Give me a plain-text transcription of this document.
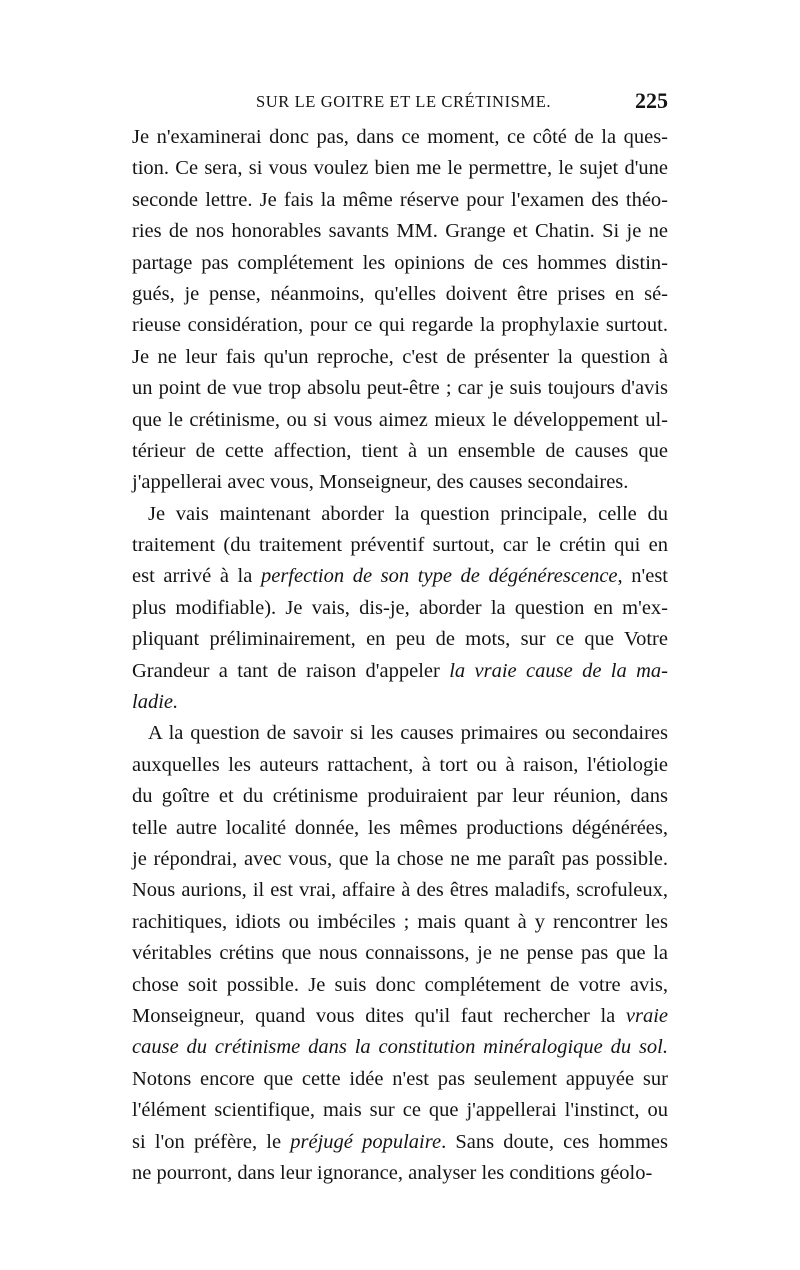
SUR LE GOITRE ET LE CRÉTINISME.	225
Je n'examinerai donc pas, dans ce moment, ce côté de la ques-
tion. Ce sera, si vous voulez bien me le permettre, le sujet d'une
seconde lettre. Je fais la même réserve pour l'examen des théo-
ries de nos honorables savants MM. Grange et Chatin. Si je ne
partage pas complétement les opinions de ces hommes distin-
gués, je pense, néanmoins, qu'elles doivent être prises en sé-
rieuse considération, pour ce qui regarde la prophylaxie surtout.
Je ne leur fais qu'un reproche, c'est de présenter la question à
un point de vue trop absolu peut-être ; car je suis toujours d'avis
que le crétinisme, ou si vous aimez mieux le développement ul-
térieur de cette affection, tient à un ensemble de causes que
j'appellerai avec vous, Monseigneur, des causes secondaires.
Je vais maintenant aborder la question principale, celle du
traitement (du traitement préventif surtout, car le crétin qui en
est arrivé à la perfection de son type de dégénérescence, n'est
plus modifiable). Je vais, dis-je, aborder la question en m'ex-
pliquant préliminairement, en peu de mots, sur ce que Votre
Grandeur a tant de raison d'appeler la vraie cause de la ma-
ladie.
A la question de savoir si les causes primaires ou secondaires
auxquelles les auteurs rattachent, à tort ou à raison, l'étiologie
du goître et du crétinisme produiraient par leur réunion, dans
telle autre localité donnée, les mêmes productions dégénérées,
je répondrai, avec vous, que la chose ne me paraît pas possible.
Nous aurions, il est vrai, affaire à des êtres maladifs, scrofuleux,
rachitiques, idiots ou imbéciles ; mais quant à y rencontrer les
véritables crétins que nous connaissons, je ne pense pas que la
chose soit possible. Je suis donc complétement de votre avis,
Monseigneur, quand vous dites qu'il faut rechercher la vraie
cause du crétinisme dans la constitution minéralogique du sol.
Notons encore que cette idée n'est pas seulement appuyée sur
l'élément scientifique, mais sur ce que j'appellerai l'instinct, ou
si l'on préfère, le préjugé populaire. Sans doute, ces hommes
ne pourront, dans leur ignorance, analyser les conditions géolo-
